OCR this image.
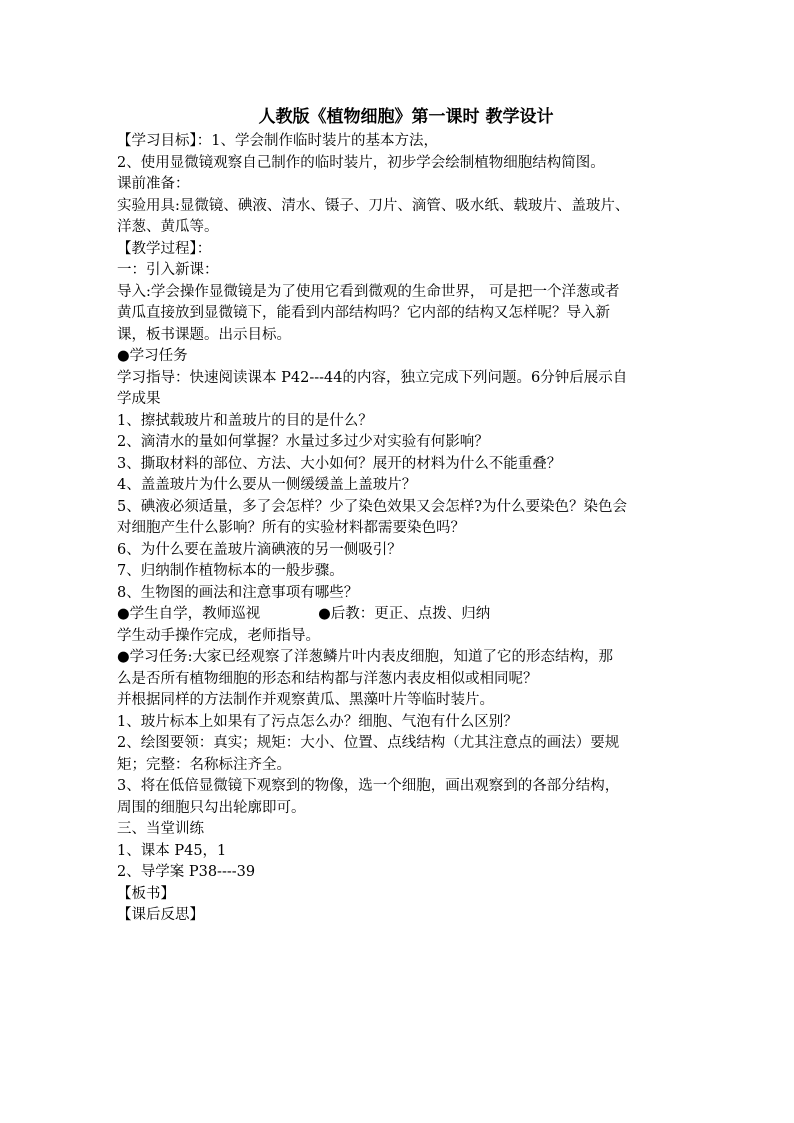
人教版《植物细胞》第一课时 教学设计
【学习目标】：1、学会制作临时装片的基本方法，
2、使用显微镜观察自己制作的临时装片，初步学会绘制植物细胞结构简图。
课前准备：
实验用具:显微镜、碘液、清水、镊子、刀片、滴管、吸水纸、载玻片、盖玻片、
洋葱、黄瓜等。
【教学过程】：
一：引入新课：
导入:学会操作显微镜是为了使用它看到微观的生命世界， 可是把一个洋葱或者
黄瓜直接放到显微镜下，能看到内部结构吗？它内部的结构又怎样呢？导入新
课，板书课题。出示目标。
●学习任务
学习指导：快速阅读课本 P42---44的内容，独立完成下列问题。6分钟后展示自
学成果
1、擦拭载玻片和盖玻片的目的是什么？
2、滴清水的量如何掌握？水量过多过少对实验有何影响？
3、撕取材料的部位、方法、大小如何？展开的材料为什么不能重叠？
4、盖盖玻片为什么要从一侧缓缓盖上盖玻片？
5、碘液必须适量，多了会怎样？少了染色效果又会怎样?为什么要染色？染色会
对细胞产生什么影响？所有的实验材料都需要染色吗？
6、为什么要在盖玻片滴碘液的另一侧吸引？
7、归纳制作植物标本的一般步骤。
8、生物图的画法和注意事项有哪些？
●学生自学，教师巡视	●后教：更正、点拨、归纳
学生动手操作完成，老师指导。
●学习任务:大家已经观察了洋葱鳞片叶内表皮细胞，知道了它的形态结构，那
么是否所有植物细胞的形态和结构都与洋葱内表皮相似或相同呢？
并根据同样的方法制作并观察黄瓜、黑藻叶片等临时装片。
1、玻片标本上如果有了污点怎么办？细胞、气泡有什么区别？
2、绘图要领：真实；规矩：大小、位置、点线结构（尤其注意点的画法）要规
矩；完整：名称标注齐全。
3、将在低倍显微镜下观察到的物像，选一个细胞，画出观察到的各部分结构，
周围的细胞只勾出轮廓即可。
三、当堂训练
1、课本 P45，1
2、导学案 P38----39
【板书】
【课后反思】
